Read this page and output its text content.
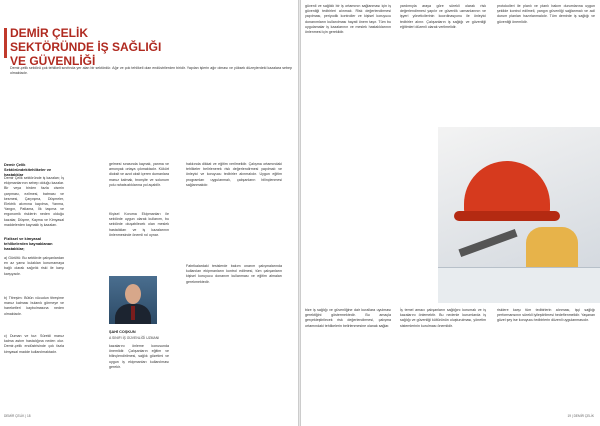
DEMİR ÇELİK SEKTÖRÜNDE İŞ SAĞLIĞI VE GÜVENLİĞİ

Demir-çelik sektörü çok tehlikeli sınıfında yer alan bir sektördür. Ağır ve çok tehlikeli olan endüstrilerden biridir. Yapılan işlerin ağır olması ve yüksek düzeylerdeki kazalara sebep olmaktadır.

Demir Çelik Sektöründekitehlikeler ve hastalıklar

Demir Çelik sektöründe iş kazaları; İş ekipmanlarının sebep olduğu kazalar. Bir veya birden fazla cismin çarpması, ezilmesi, batması ve kesmesi, Çarpışma, Düşmeler, Elektrik akımına kapılma, Yanma, Yangın, Patlama, İlk taşıma ve ergonomik risklerin neden olduğu kazalar, Düşme, Kayma ve Kimyasal maddelerden kaynaklı iş kazaları.

Fiziksel ve kimyasal tehlikelerden kaynaklanan hastalıklar;

a) Gürültü: Bu sektörde çalışanlardan en az yarısı kulakları korumamaya bağlı olarak sağırlık riski ile karşı karşıyadır.

b) Titreşim: Bütün vücudun titreşime maruz kalması bulanık görmeye ve hareketleri kaybolmasına neden olmaktadır.

c) Duman ve toz: Sürekli maruz kalma astım hastalığına neden olur. Demir-çelik endüstrisinde çok fazla kimyasal madde kullanılmaktadır.

gelmesi sırasında kaynak, yanma ve amonyak ortaya çıkmaktadır. Kükürt dioksit ve azot oksit içeren dumanlara maruz kalmak, bronşite ve solunum yolu rahatsızlıklarına yol açabilir.

Kişisel Koruma Ekipmanları ile sektörde uygun olarak kullanım, bu sektörde oluşabilecek olan meslek hastalıkları ve iş kazalarının önlenmesinde önemli rol oynar.

ŞAHİ COŞKUN
A SINIFI İŞ GÜVENLİĞİ UZMANI

kazalarını önleme konusunda önemlidir. Çalışanların eğitim ve bilinçlendirilmesi, sağlık gözetimi ve uygun iş ekipmanları kullanılması gerekir.

hakkında dikkat ve eğitim verilmelidir. Çalışma ortamındaki tehlikeler belirlenerek risk değerlendirmesi yapılmalı ve önleyici ve koruyucu tedbirler alınmalıdır. Uygun eğitim programları uygulanmalı, çalışanların bilinçlenmesi sağlanmalıdır.

Fabrikalardaki tesislerde bakım onarım çalışmalarında kullanılan ekipmanların kontrol edilmesi, tüm çalışanların kişisel koruyucu donanım kullanması ve eğitim almaları gerekmektedir.

DEMİR ÇELİK | 18

güvenli ve sağlıklı bir iş ortamının sağlanması için iş güvenliği tedbirleri alınmalı. Risk değerlendirmesi yapılması, periyodik kontroller ve kişisel koruyucu donanımların kullanılması hayati önem taşır. Tüm bu uygulamalar iş kazalarının ve meslek hastalıklarının önlenmesi için gereklidir.

yardımıyla araya göre sürekli olarak risk değerlendirmesi yapılır ve güvenlik uzmanlarının ve işyeri yöneticilerinin koordinasyonu ile önleyici tedbirler alınır. Çalışanların iş sağlığı ve güvenliği eğitimleri düzenli olarak verilmelidir.

protokolleri ile planlı ve planlı bakım durumlarına uygun şekilde kontrol edilmeli, yangın güvenliği sağlanmalı ve acil durum planları hazırlanmalıdır. Tüm demirde iş sağlığı ve güvenliği önemlidir.

bize iş sağlığı ve güvenliğine dair kurallara uyulması gerektiğini göstermektedir. Bu amaçla gerçekleştirilecek risk değerlendirmesi, çalışma ortamındaki tehlikelerin belirlenmesine olanak sağlar.

İş temel amacı çalışanların sağlığını korumak ve iş kazalarını önlemektir. Bu nedenle kurumlarda iş sağlığı ve güvenliği kültürünün oluşturulması, yönetim sistemlerinin kurulması önemlidir.

risklere karşı tüm tedbirlerin alınması, işçi sağlığı performansının sürekli iyileştirilmesi hedeflenmelidir. Yaşanan güzel şey ise koruyucu tedbirlerin düzenli uygulanmasıdır.

19 | DEMİR ÇELİK
